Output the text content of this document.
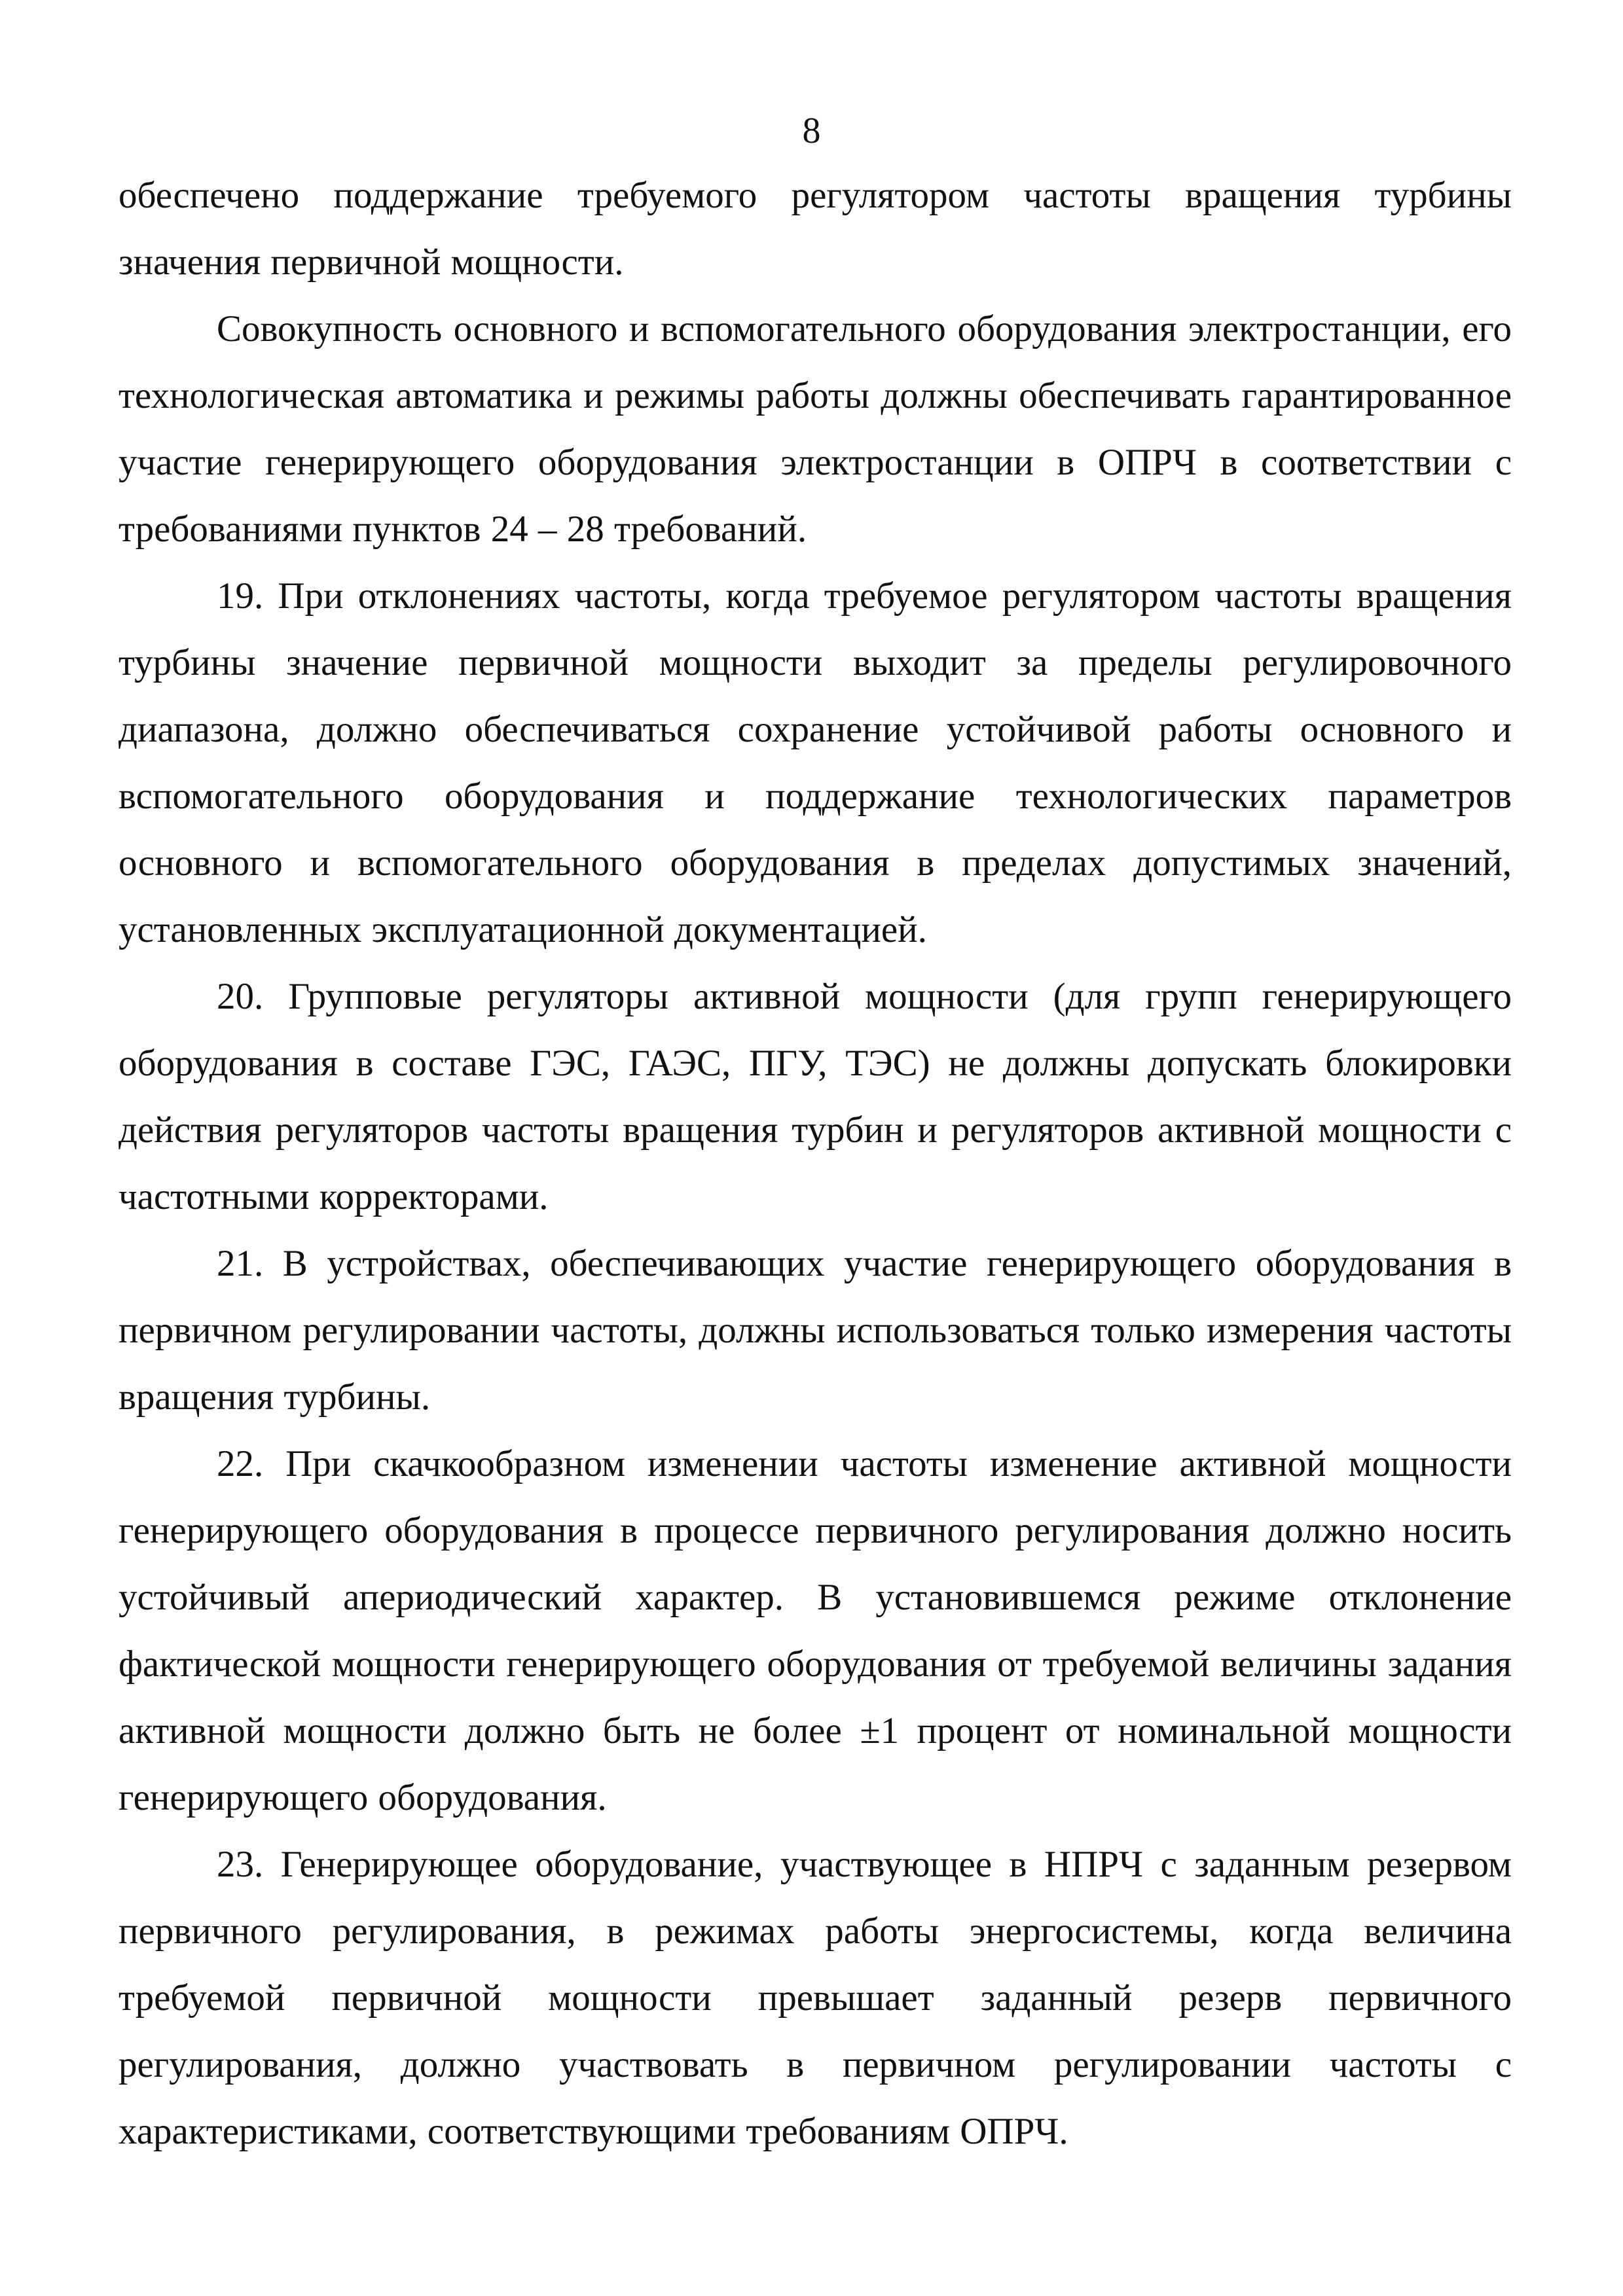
8

обеспечено поддержание требуемого регулятором частоты вращения турбины значения первичной мощности.

Совокупность основного и вспомогательного оборудования электростанции, его технологическая автоматика и режимы работы должны обеспечивать гарантированное участие генерирующего оборудования электростанции в ОПРЧ в соответствии с требованиями пунктов 24 – 28 требований.

19. При отклонениях частоты, когда требуемое регулятором частоты вращения турбины значение первичной мощности выходит за пределы регулировочного диапазона, должно обеспечиваться сохранение устойчивой работы основного и вспомогательного оборудования и поддержание технологических параметров основного и вспомогательного оборудования в пределах допустимых значений, установленных эксплуатационной документацией.

20. Групповые регуляторы активной мощности (для групп генерирующего оборудования в составе ГЭС, ГАЭС, ПГУ, ТЭС) не должны допускать блокировки действия регуляторов частоты вращения турбин и регуляторов активной мощности с частотными корректорами.

21. В устройствах, обеспечивающих участие генерирующего оборудования в первичном регулировании частоты, должны использоваться только измерения частоты вращения турбины.

22. При скачкообразном изменении частоты изменение активной мощности генерирующего оборудования в процессе первичного регулирования должно носить устойчивый апериодический характер. В установившемся режиме отклонение фактической мощности генерирующего оборудования от требуемой величины задания активной мощности должно быть не более ±1 процент от номинальной мощности генерирующего оборудования.

23. Генерирующее оборудование, участвующее в НПРЧ с заданным резервом первичного регулирования, в режимах работы энергосистемы, когда величина требуемой первичной мощности превышает заданный резерв первичного регулирования, должно участвовать в первичном регулировании частоты с характеристиками, соответствующими требованиям ОПРЧ.
